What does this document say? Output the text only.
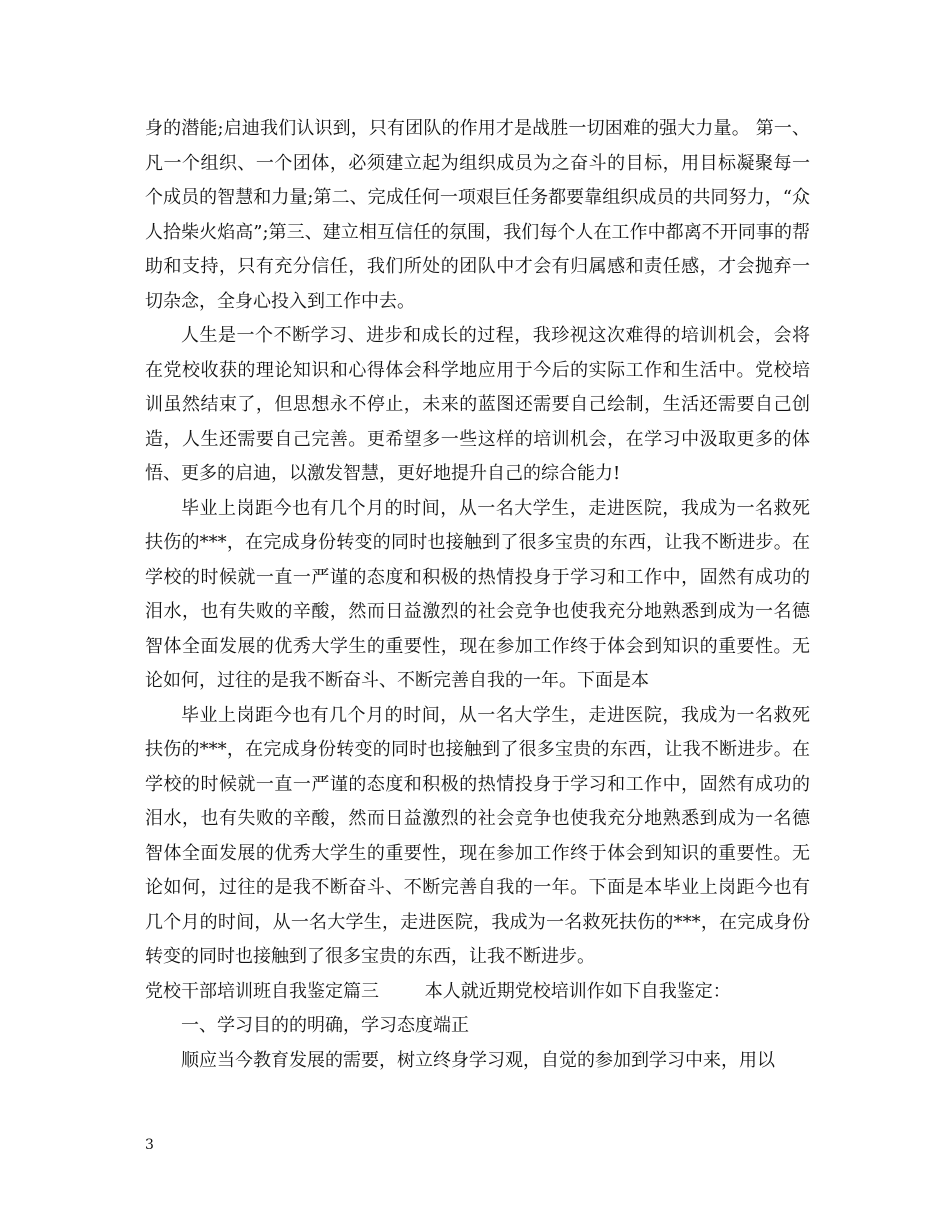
身的潜能;启迪我们认识到，只有团队的作用才是战胜一切困难的强大力量。 第一、凡一个组织、一个团体，必须建立起为组织成员为之奋斗的目标，用目标凝聚每一个成员的智慧和力量;第二、完成任何一项艰巨任务都要靠组织成员的共同努力，“众人拾柴火焰高”;第三、建立相互信任的氛围，我们每个人在工作中都离不开同事的帮助和支持，只有充分信任，我们所处的团队中才会有归属感和责任感，才会抛弃一切杂念，全身心投入到工作中去。

人生是一个不断学习、进步和成长的过程，我珍视这次难得的培训机会，会将在党校收获的理论知识和心得体会科学地应用于今后的实际工作和生活中。党校培训虽然结束了，但思想永不停止，未来的蓝图还需要自己绘制，生活还需要自己创造，人生还需要自己完善。更希望多一些这样的培训机会，在学习中汲取更多的体悟、更多的启迪，以激发智慧，更好地提升自己的综合能力!

毕业上岗距今也有几个月的时间，从一名大学生，走进医院，我成为一名救死扶伤的***，在完成身份转变的同时也接触到了很多宝贵的东西，让我不断进步。在学校的时候就一直一严谨的态度和积极的热情投身于学习和工作中，固然有成功的泪水，也有失败的辛酸，然而日益激烈的社会竞争也使我充分地熟悉到成为一名德智体全面发展的优秀大学生的重要性，现在参加工作终于体会到知识的重要性。无论如何，过往的是我不断奋斗、不断完善自我的一年。下面是本

毕业上岗距今也有几个月的时间，从一名大学生，走进医院，我成为一名救死扶伤的***，在完成身份转变的同时也接触到了很多宝贵的东西，让我不断进步。在学校的时候就一直一严谨的态度和积极的热情投身于学习和工作中，固然有成功的泪水，也有失败的辛酸，然而日益激烈的社会竞争也使我充分地熟悉到成为一名德智体全面发展的优秀大学生的重要性，现在参加工作终于体会到知识的重要性。无论如何，过往的是我不断奋斗、不断完善自我的一年。下面是本毕业上岗距今也有几个月的时间，从一名大学生，走进医院，我成为一名救死扶伤的***，在完成身份转变的同时也接触到了很多宝贵的东西，让我不断进步。

党校干部培训班自我鉴定篇三	本人就近期党校培训作如下自我鉴定：

一、学习目的的明确，学习态度端正

顺应当今教育发展的需要，树立终身学习观，自觉的参加到学习中来，用以

3
